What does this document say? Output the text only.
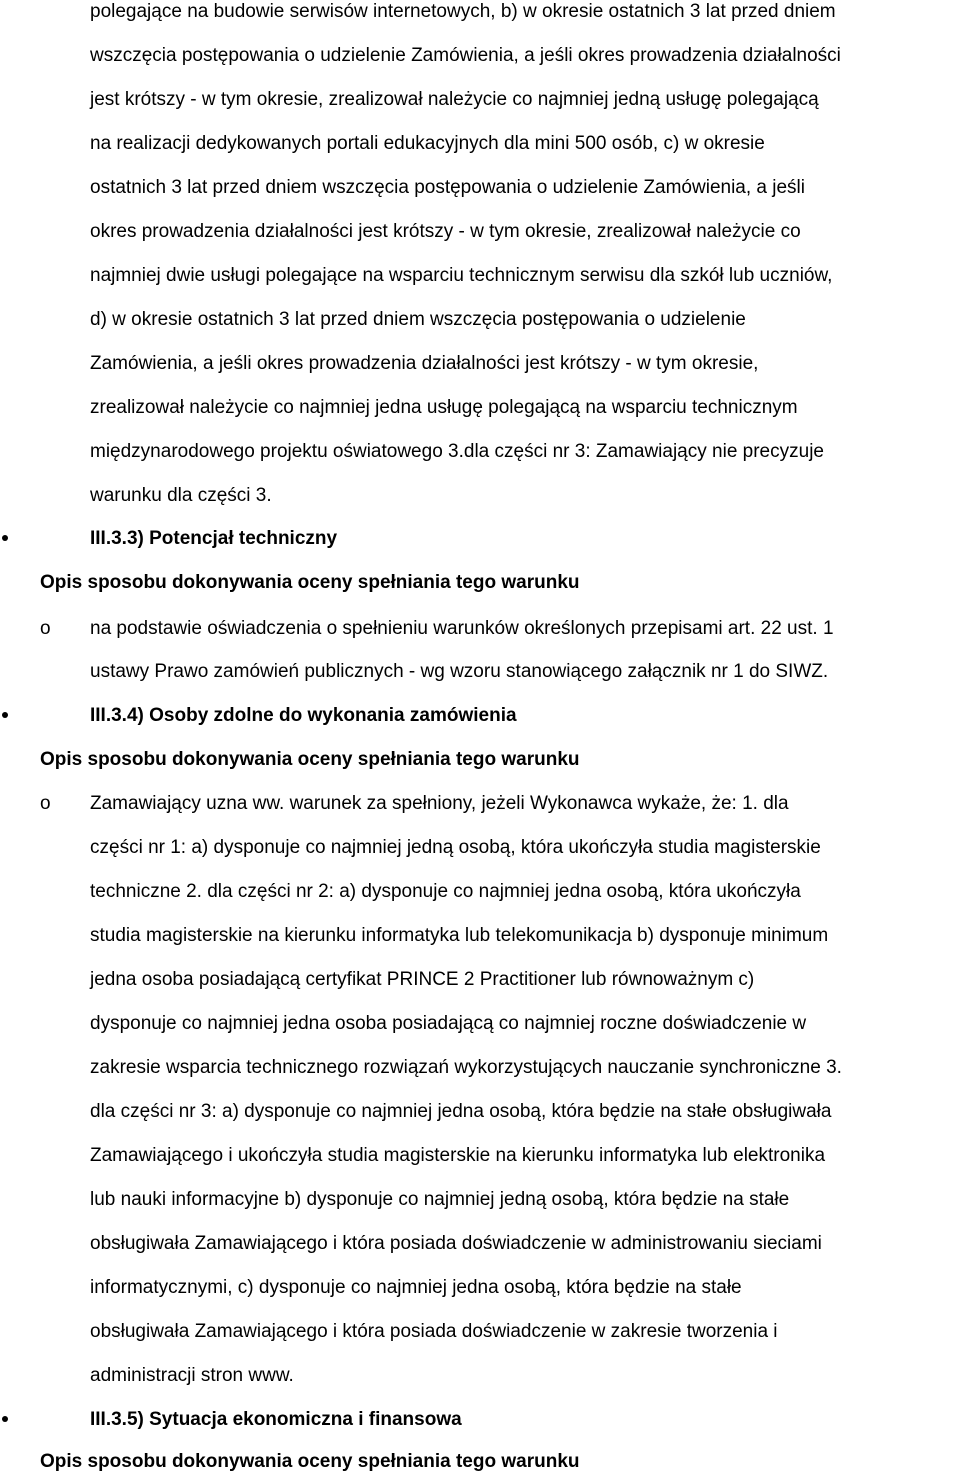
polegające na budowie serwisów internetowych, b) w okresie ostatnich 3 lat przed dniem
wszczęcia postępowania o udzielenie Zamówienia, a jeśli okres prowadzenia działalności
jest krótszy - w tym okresie, zrealizował należycie co najmniej jedną usługę polegającą
na realizacji dedykowanych portali edukacyjnych dla mini 500 osób, c) w okresie
ostatnich 3 lat przed dniem wszczęcia postępowania o udzielenie Zamówienia, a jeśli
okres prowadzenia działalności jest krótszy - w tym okresie, zrealizował należycie co
najmniej dwie usługi polegające na wsparciu technicznym serwisu dla szkół lub uczniów,
d) w okresie ostatnich 3 lat przed dniem wszczęcia postępowania o udzielenie
Zamówienia, a jeśli okres prowadzenia działalności jest krótszy - w tym okresie,
zrealizował należycie co najmniej jedna usługę polegającą na wsparciu technicznym
międzynarodowego projektu oświatowego 3.dla części nr 3: Zamawiający nie precyzuje
warunku dla części 3.
III.3.3) Potencjał techniczny
Opis sposobu dokonywania oceny spełniania tego warunku
o na podstawie oświadczenia o spełnieniu warunków określonych przepisami art. 22 ust. 1
ustawy Prawo zamówień publicznych - wg wzoru stanowiącego załącznik nr 1 do SIWZ.
III.3.4) Osoby zdolne do wykonania zamówienia
Opis sposobu dokonywania oceny spełniania tego warunku
o Zamawiający uzna ww. warunek za spełniony, jeżeli Wykonawca wykaże, że: 1. dla
części nr 1: a) dysponuje co najmniej jedną osobą, która ukończyła studia magisterskie
techniczne 2. dla części nr 2: a) dysponuje co najmniej jedna osobą, która ukończyła
studia magisterskie na kierunku informatyka lub telekomunikacja b) dysponuje minimum
jedna osoba posiadającą certyfikat PRINCE 2 Practitioner lub równoważnym c)
dysponuje co najmniej jedna osoba posiadającą co najmniej roczne doświadczenie w
zakresie wsparcia technicznego rozwiązań wykorzystujących nauczanie synchroniczne 3.
dla części nr 3: a) dysponuje co najmniej jedna osobą, która będzie na stałe obsługiwała
Zamawiającego i ukończyła studia magisterskie na kierunku informatyka lub elektronika
lub nauki informacyjne b) dysponuje co najmniej jedną osobą, która będzie na stałe
obsługiwała Zamawiającego i która posiada doświadczenie w administrowaniu sieciami
informatycznymi, c) dysponuje co najmniej jedna osobą, która będzie na stałe
obsługiwała Zamawiającego i która posiada doświadczenie w zakresie tworzenia i
administracji stron www.
III.3.5) Sytuacja ekonomiczna i finansowa
Opis sposobu dokonywania oceny spełniania tego warunku
